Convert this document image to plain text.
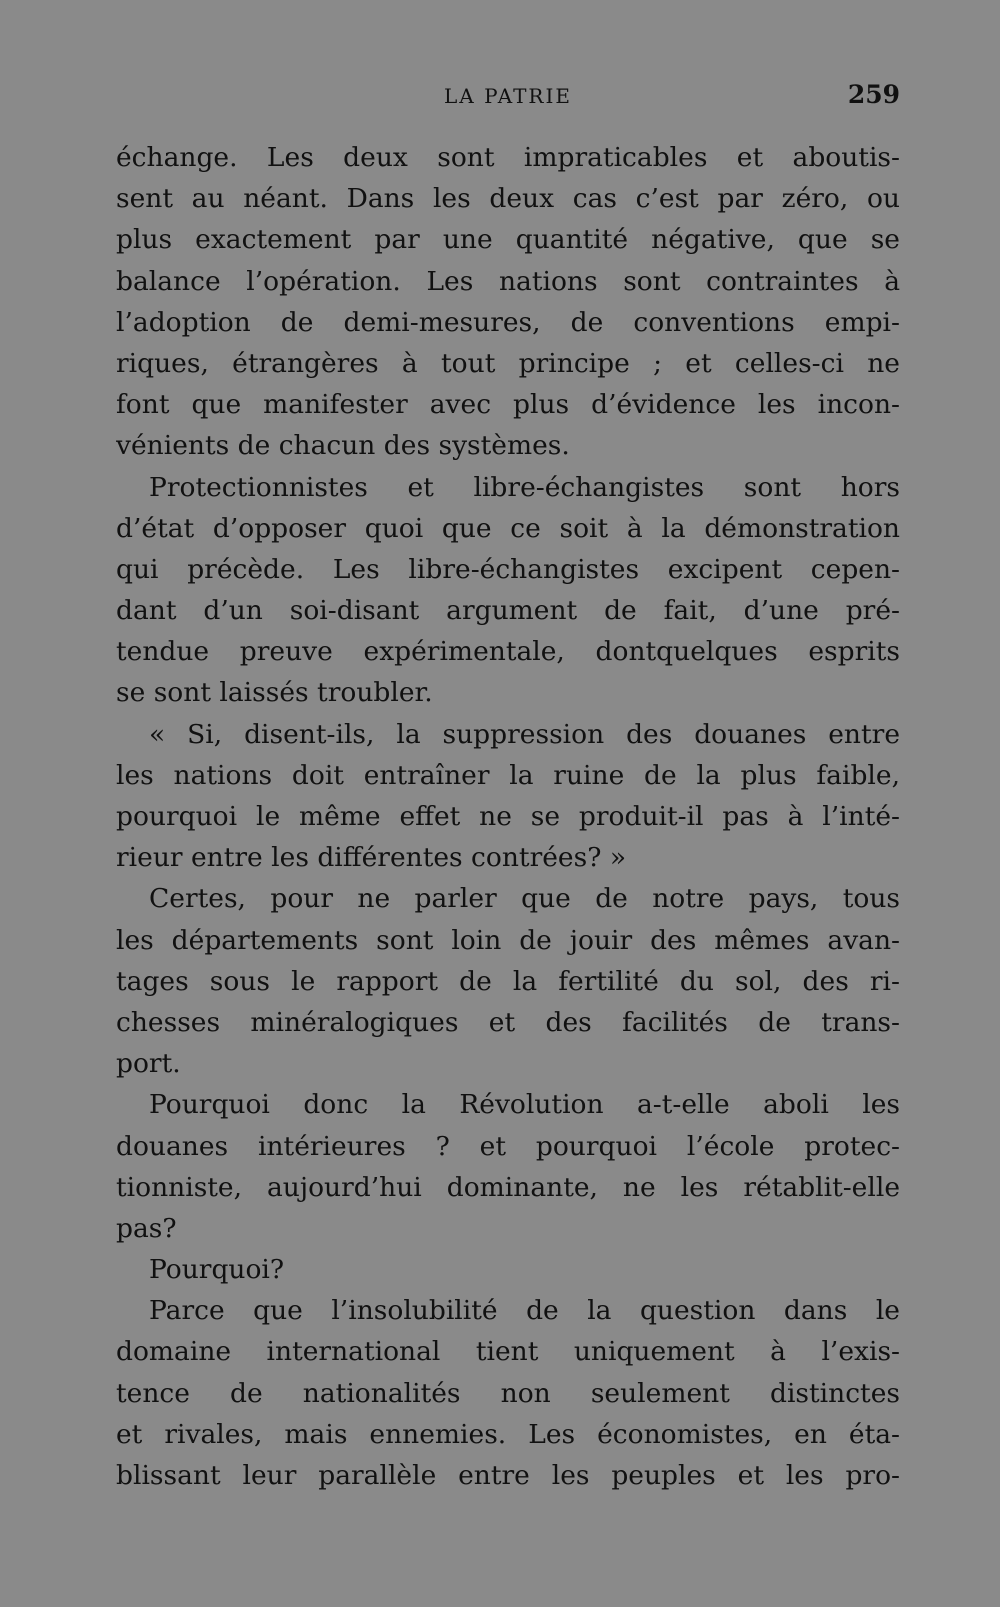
LA PATRIE	259
échange. Les deux sont impraticables et aboutis-
sent au néant. Dans les deux cas c’est par zéro, ou
plus exactement par une quantité négative, que se
balance l’opération. Les nations sont contraintes à
l’adoption de demi-mesures, de conventions empi-
riques, étrangères à tout principe ; et celles-ci ne
font que manifester avec plus d’évidence les incon-
vénients de chacun des systèmes.
Protectionnistes et libre-échangistes sont hors
d’état d’opposer quoi que ce soit à la démonstration
qui précède. Les libre-échangistes excipent cepen-
dant d’un soi-disant argument de fait, d’une pré-
tendue preuve expérimentale, dontquelques esprits
se sont laissés troubler.
« Si, disent-ils, la suppression des douanes entre
les nations doit entraîner la ruine de la plus faible,
pourquoi le même effet ne se produit-il pas à l’inté-
rieur entre les différentes contrées? »
Certes, pour ne parler que de notre pays, tous
les départements sont loin de jouir des mêmes avan-
tages sous le rapport de la fertilité du sol, des ri-
chesses minéralogiques et des facilités de trans-
port.
Pourquoi donc la Révolution a-t-elle aboli les
douanes intérieures ? et pourquoi l’école protec-
tionniste, aujourd’hui dominante, ne les rétablit-elle
pas?
Pourquoi?
Parce que l’insolubilité de la question dans le
domaine international tient uniquement à l’exis-
tence de nationalités non seulement distinctes
et rivales, mais ennemies. Les économistes, en éta-
blissant leur parallèle entre les peuples et les pro-
